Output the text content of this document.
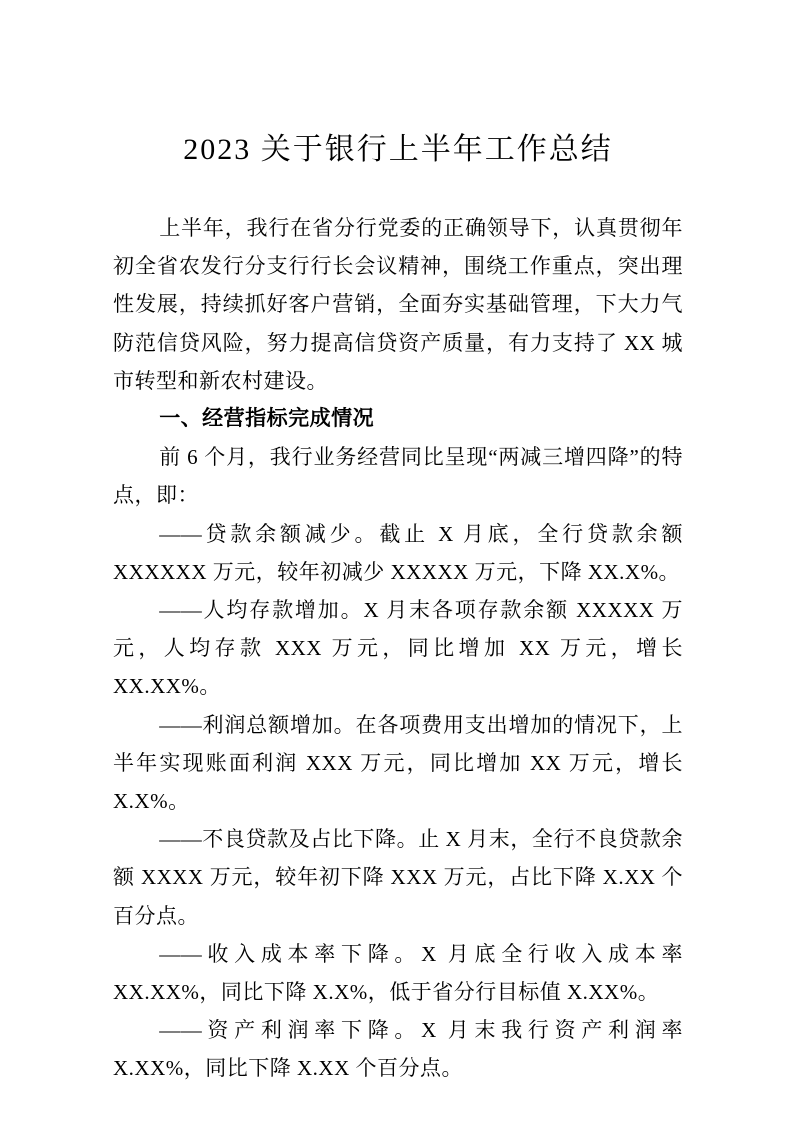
2023 关于银行上半年工作总结

上半年，我行在省分行党委的正确领导下，认真贯彻年初全省农发行分支行行长会议精神，围绕工作重点，突出理性发展，持续抓好客户营销，全面夯实基础管理，下大力气防范信贷风险，努力提高信贷资产质量，有力支持了 XX 城市转型和新农村建设。

一、经营指标完成情况

前 6 个月，我行业务经营同比呈现“两减三增四降”的特点，即：

——贷款余额减少。截止 X 月底，全行贷款余额 XXXXXX 万元，较年初减少 XXXXX 万元，下降 XX.X%。

——人均存款增加。X 月末各项存款余额 XXXXX 万元，人均存款 XXX 万元，同比增加 XX 万元，增长 XX.XX%。

——利润总额增加。在各项费用支出增加的情况下，上半年实现账面利润 XXX 万元，同比增加 XX 万元，增长 X.X%。

——不良贷款及占比下降。止 X 月末，全行不良贷款余额 XXXX 万元，较年初下降 XXX 万元，占比下降 X.XX 个百分点。

——收入成本率下降。X 月底全行收入成本率 XX.XX%，同比下降 X.X%，低于省分行目标值 X.XX%。

——资产利润率下降。X 月末我行资产利润率 X.XX%，同比下降 X.XX 个百分点。
